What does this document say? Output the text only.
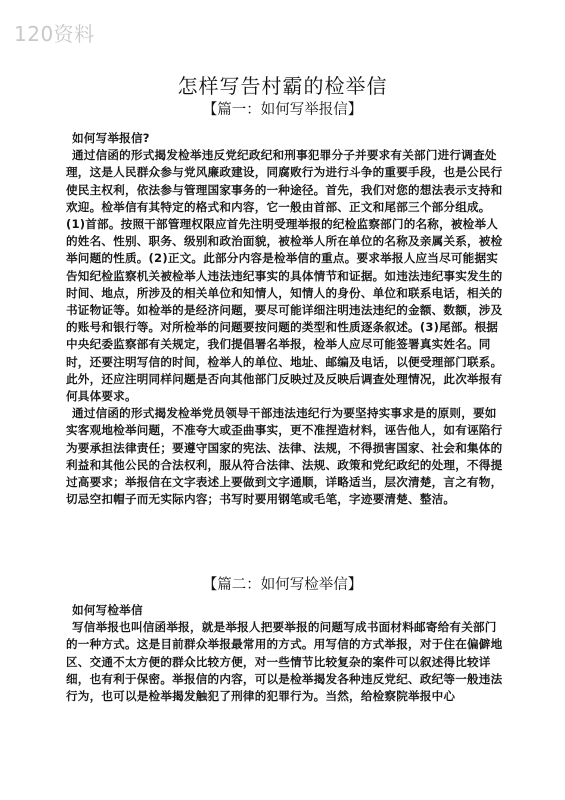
120资料
怎样写告村霸的检举信
【篇一：如何写举报信】

如何写举报信?

通过信函的形式揭发检举违反党纪政纪和刑事犯罪分子并要求有关部门进行调查处理，这是人民群众参与党风廉政建设，同腐败行为进行斗争的重要手段，也是公民行使民主权利，依法参与管理国家事务的一种途径。首先，我们对您的想法表示支持和欢迎。检举信有其特定的格式和内容，它一般由首部、正文和尾部三个部分组成。(1)首部。按照干部管理权限应首先注明受理举报的纪检监察部门的名称，被检举人的姓名、性别、职务、级别和政治面貌，被检举人所在单位的名称及亲属关系，被检举问题的性质。(2)正文。此部分内容是检举信的重点。要求举报人应当尽可能据实告知纪检监察机关被检举人违法违纪事实的具体情节和证据。如违法违纪事实发生的时间、地点，所涉及的相关单位和知情人，知情人的身份、单位和联系电话，相关的书证物证等。如检举的是经济问题，要尽可能详细注明违法违纪的金额、数额，涉及的账号和银行等。对所检举的问题要按问题的类型和性质逐条叙述。(3)尾部。根据中央纪委监察部有关规定，我们提倡署名举报，检举人应尽可能签署真实姓名。同时，还要注明写信的时间，检举人的单位、地址、邮编及电话，以便受理部门联系。此外，还应注明同样问题是否向其他部门反映过及反映后调查处理情况，此次举报有何具体要求。

通过信函的形式揭发检举党员领导干部违法违纪行为要坚持实事求是的原则，要如实客观地检举问题，不准夸大或歪曲事实，更不准捏造材料，诬告他人，如有诬陷行为要承担法律责任；要遵守国家的宪法、法律、法规，不得损害国家、社会和集体的利益和其他公民的合法权利，服从符合法律、法规、政策和党纪政纪的处理，不得提过高要求；举报信在文字表述上要做到文字通顺，详略适当，层次清楚，言之有物，切忌空扣帽子而无实际内容；书写时要用钢笔或毛笔，字迹要清楚、整洁。

【篇二：如何写检举信】

如何写检举信

写信举报也叫信函举报，就是举报人把要举报的问题写成书面材料邮寄给有关部门的一种方式。这是目前群众举报最常用的方式。用写信的方式举报，对于住在偏僻地区、交通不太方便的群众比较方便，对一些情节比较复杂的案件可以叙述得比较详细，也有利于保密。举报信的内容，可以是检举揭发各种违反党纪、政纪等一般违法行为，也可以是检举揭发触犯了刑律的犯罪行为。当然，给检察院举报中心
